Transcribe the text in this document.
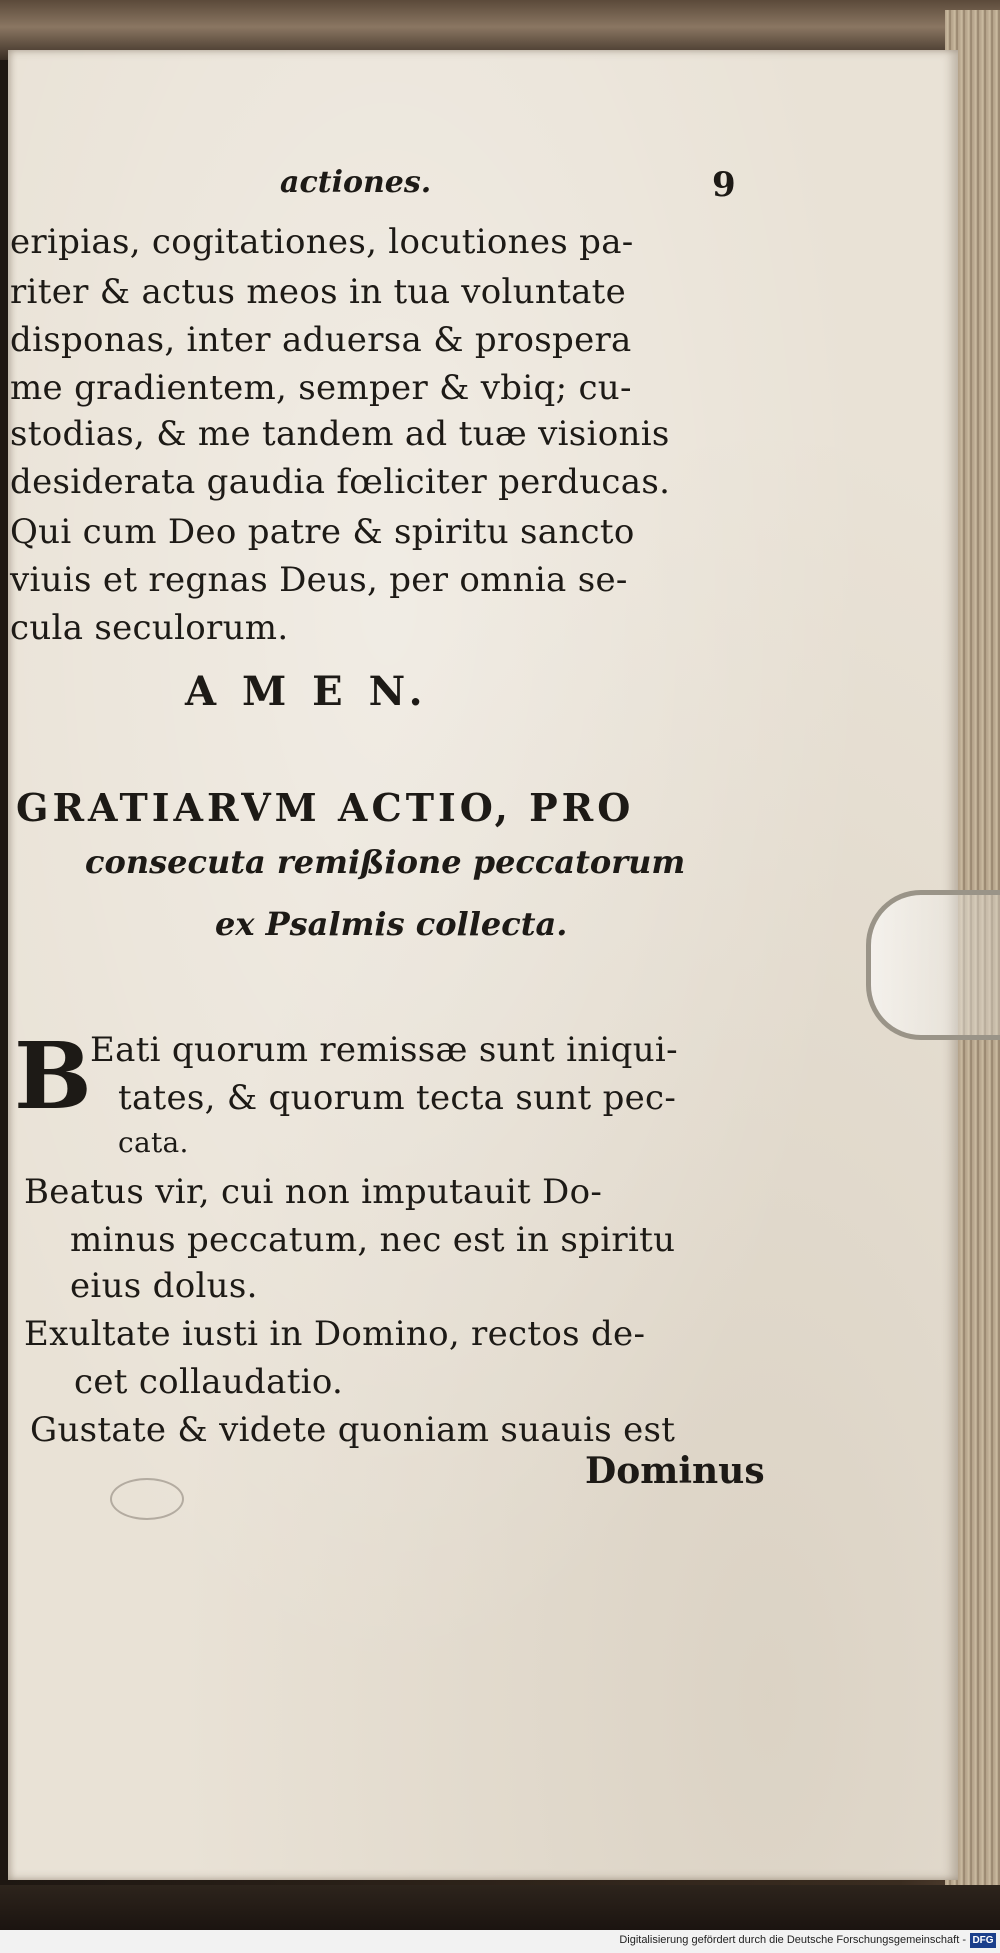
actiones.	9
eripias, cogitationes, locutiones pa-
riter & actus meos in tua voluntate
disponas, inter aduersa & prospera
me gradientem, semper & vbiq; cu-
stodias, & me tandem ad tuæ visionis
desiderata gaudia fœliciter perducas.
Qui cum Deo patre & spiritu sancto
viuis et regnas Deus, per omnia se-
cula seculorum.
A M E N.
GRATIARVM ACTIO, PRO
consecuta remißione peccatorum
ex Psalmis collecta.
B
Eati quorum remissæ sunt iniqui-
tates, & quorum tecta sunt pec-
cata.
Beatus vir, cui non imputauit Do-
minus peccatum, nec est in spiritu
eius dolus.
Exultate iusti in Domino, rectos de-
cet collaudatio.
Gustate & videte quoniam suauis est
Dominus
Digitalisierung gefördert durch die Deutsche Forschungsgemeinschaft - DFG
